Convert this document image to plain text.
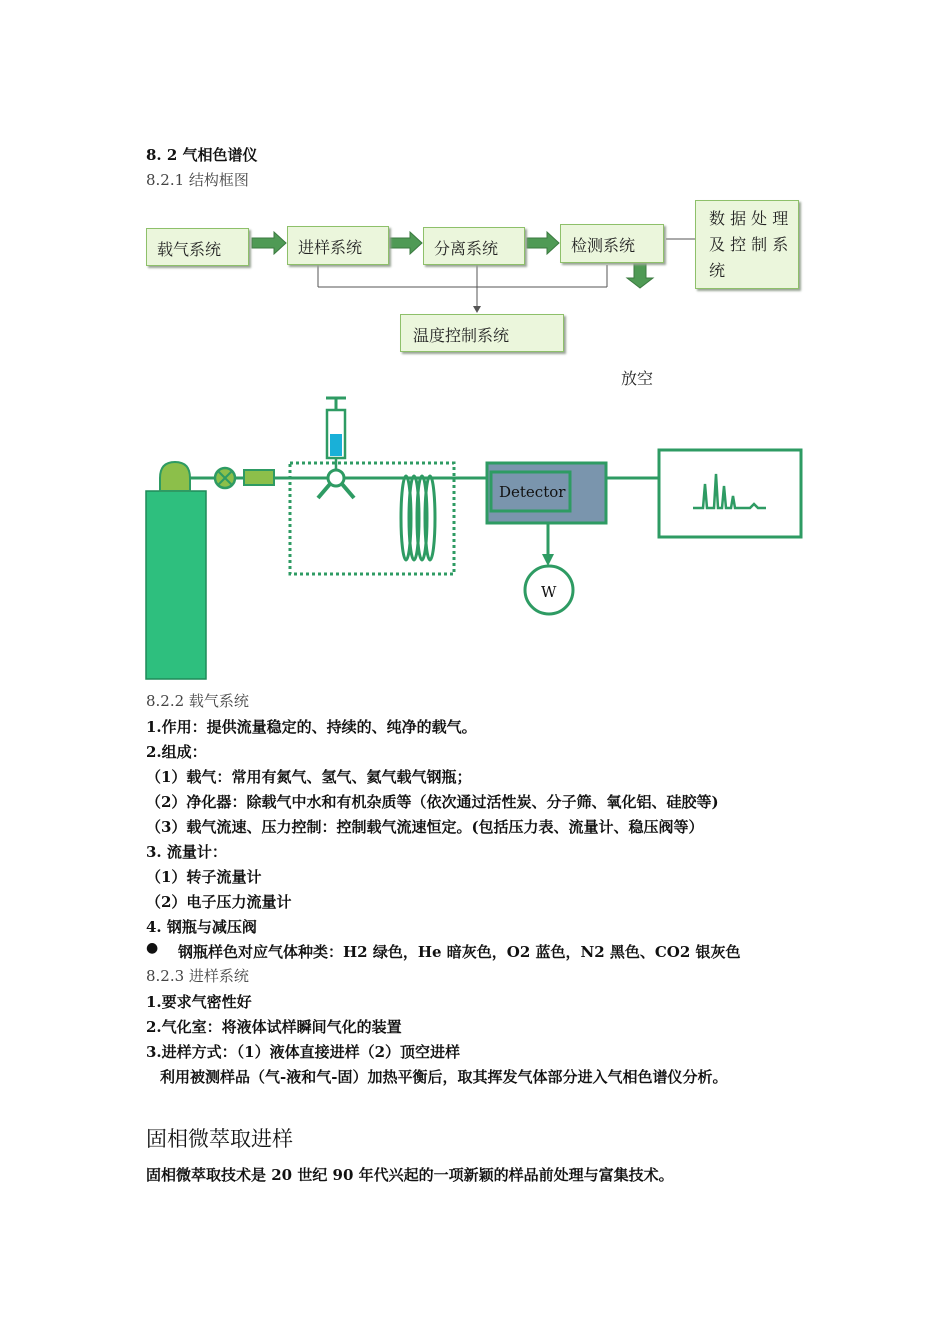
8. 2 气相色谱仪
8.2.1 结构框图
载气系统	进样系统	分离系统	检测系统
数 据 处 理
及 控 制 系
统
温度控制系统
放空
Detector
W
8.2.2 载气系统
1.作用：提供流量稳定的、持续的、纯净的载气。
2.组成：
（1）载气：常用有氮气、氢气、氦气载气钢瓶；
（2）净化器：除载气中水和有机杂质等（依次通过活性炭、分子筛、氧化铝、硅胶等)
（3）载气流速、压力控制：控制载气流速恒定。(包括压力表、流量计、稳压阀等）
3. 流量计：
（1）转子流量计
（2）电子压力流量计
4. 钢瓶与减压阀
● 钢瓶样色对应气体种类：H2 绿色，He 暗灰色，O2 蓝色，N2 黑色、CO2 银灰色
8.2.3 进样系统
1.要求气密性好
2.气化室：将液体试样瞬间气化的装置
3.进样方式：（1）液体直接进样（2）顶空进样
利用被测样品（气-液和气-固）加热平衡后，取其挥发气体部分进入气相色谱仪分析。
固相微萃取进样
固相微萃取技术是 20 世纪 90 年代兴起的一项新颖的样品前处理与富集技术。
